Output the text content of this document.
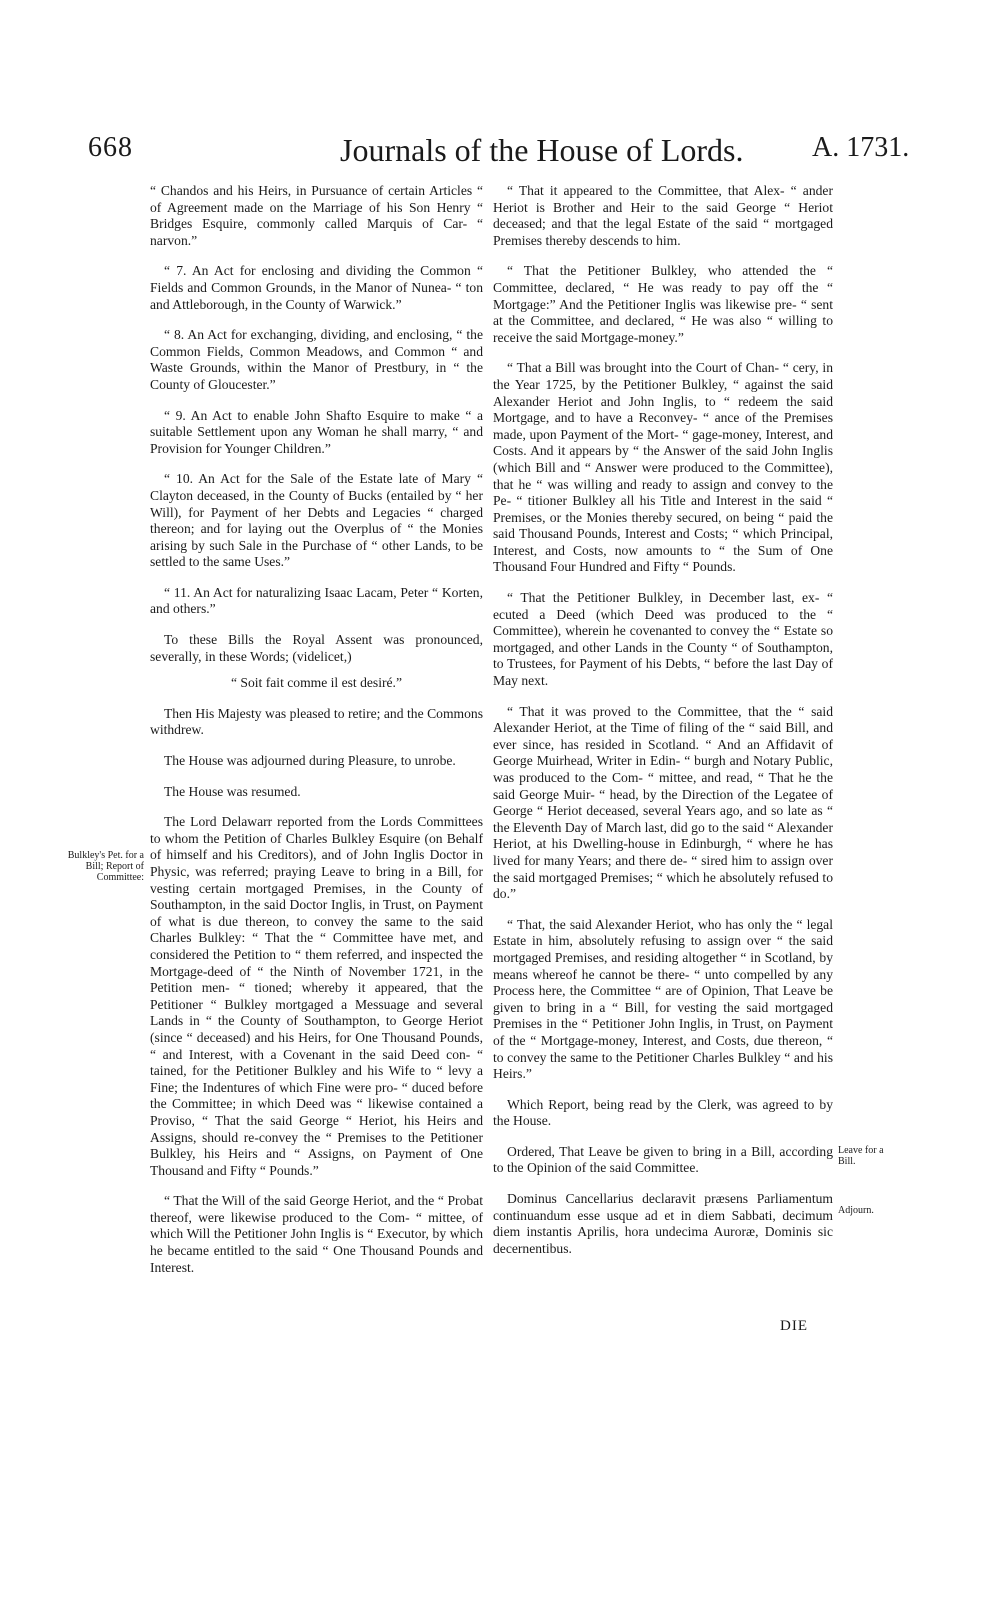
668	Journals of the House of Lords. A. 1731.

“ Chandos and his Heirs, in Pursuance of certain Articles “ of Agreement made on the Marriage of his Son Henry “ Bridges Esquire, commonly called Marquis of Car- “ narvon.”

“ 7. An Act for enclosing and dividing the Common “ Fields and Common Grounds, in the Manor of Nunea- “ ton and Attleborough, in the County of Warwick.”

“ 8. An Act for exchanging, dividing, and enclosing, “ the Common Fields, Common Meadows, and Common “ and Waste Grounds, within the Manor of Prestbury, in “ the County of Gloucester.”

“ 9. An Act to enable John Shafto Esquire to make “ a suitable Settlement upon any Woman he shall marry, “ and Provision for Younger Children.”

“ 10. An Act for the Sale of the Estate late of Mary “ Clayton deceased, in the County of Bucks (entailed by “ her Will), for Payment of her Debts and Legacies “ charged thereon; and for laying out the Overplus of “ the Monies arising by such Sale in the Purchase of “ other Lands, to be settled to the same Uses.”

“ 11. An Act for naturalizing Isaac Lacam, Peter “ Korten, and others.”

To these Bills the Royal Assent was pronounced, severally, in these Words; (videlicet,)

“ Soit fait comme il est desiré.”

Then His Majesty was pleased to retire; and the Commons withdrew.

The House was adjourned during Pleasure, to unrobe.

The House was resumed.

The Lord Delawarr reported from the Lords Committees to whom the Petition of Charles Bulkley Esquire (on Behalf of himself and his Creditors), and of John Inglis Doctor in Physic, was referred; praying Leave to bring in a Bill, for vesting certain mortgaged Premises, in the County of Southampton, in the said Doctor Inglis, in Trust, on Payment of what is due thereon, to convey the same to the said Charles Bulkley: “ That the “ Committee have met, and considered the Petition to “ them referred, and inspected the Mortgage-deed of “ the Ninth of November 1721, in the Petition men- “ tioned; whereby it appeared, that the Petitioner “ Bulkley mortgaged a Messuage and several Lands in “ the County of Southampton, to George Heriot (since “ deceased) and his Heirs, for One Thousand Pounds, “ and Interest, with a Covenant in the said Deed con- “ tained, for the Petitioner Bulkley and his Wife to “ levy a Fine; the Indentures of which Fine were pro- “ duced before the Committee; in which Deed was “ likewise contained a Proviso, “ That the said George “ Heriot, his Heirs and Assigns, should re-convey the “ Premises to the Petitioner Bulkley, his Heirs and “ Assigns, on Payment of One Thousand and Fifty “ Pounds.”

“ That the Will of the said George Heriot, and the “ Probat thereof, were likewise produced to the Com- “ mittee, of which Will the Petitioner John Inglis is “ Executor, by which he became entitled to the said “ One Thousand Pounds and Interest.

“ That it appeared to the Committee, that Alex- “ ander Heriot is Brother and Heir to the said George “ Heriot deceased; and that the legal Estate of the said “ mortgaged Premises thereby descends to him.

“ That the Petitioner Bulkley, who attended the “ Committee, declared, “ He was ready to pay off the “ Mortgage:” And the Petitioner Inglis was likewise pre- “ sent at the Committee, and declared, “ He was also “ willing to receive the said Mortgage-money.”

“ That a Bill was brought into the Court of Chan- “ cery, in the Year 1725, by the Petitioner Bulkley, “ against the said Alexander Heriot and John Inglis, to “ redeem the said Mortgage, and to have a Reconvey- “ ance of the Premises made, upon Payment of the Mort- “ gage-money, Interest, and Costs. And it appears by “ the Answer of the said John Inglis (which Bill and “ Answer were produced to the Committee), that he “ was willing and ready to assign and convey to the Pe- “ titioner Bulkley all his Title and Interest in the said “ Premises, or the Monies thereby secured, on being “ paid the said Thousand Pounds, Interest and Costs; “ which Principal, Interest, and Costs, now amounts to “ the Sum of One Thousand Four Hundred and Fifty “ Pounds.

“ That the Petitioner Bulkley, in December last, ex- “ ecuted a Deed (which Deed was produced to the “ Committee), wherein he covenanted to convey the “ Estate so mortgaged, and other Lands in the County “ of Southampton, to Trustees, for Payment of his Debts, “ before the last Day of May next.

“ That it was proved to the Committee, that the “ said Alexander Heriot, at the Time of filing of the “ said Bill, and ever since, has resided in Scotland. “ And an Affidavit of George Muirhead, Writer in Edin- “ burgh and Notary Public, was produced to the Com- “ mittee, and read, “ That he the said George Muir- “ head, by the Direction of the Legatee of George “ Heriot deceased, several Years ago, and so late as “ the Eleventh Day of March last, did go to the said “ Alexander Heriot, at his Dwelling-house in Edinburgh, “ where he has lived for many Years; and there de- “ sired him to assign over the said mortgaged Premises; “ which he absolutely refused to do.”

“ That, the said Alexander Heriot, who has only the “ legal Estate in him, absolutely refusing to assign over “ the said mortgaged Premises, and residing altogether “ in Scotland, by means whereof he cannot be there- “ unto compelled by any Process here, the Committee “ are of Opinion, That Leave be given to bring in a “ Bill, for vesting the said mortgaged Premises in the “ Petitioner John Inglis, in Trust, on Payment of the “ Mortgage-money, Interest, and Costs, due thereon, “ to convey the same to the Petitioner Charles Bulkley “ and his Heirs.”

Which Report, being read by the Clerk, was agreed to by the House.

Ordered, That Leave be given to bring in a Bill, according to the Opinion of the said Committee.

Dominus Cancellarius declaravit præsens Parliamentum continuandum esse usque ad et in diem Sabbati, decimum diem instantis Aprilis, hora undecima Auroræ, Dominis sic decernentibus.

Bulkley's Pet. for a Bill; Report of Committee:
Leave for a Bill.
Adjourn.
DIE
